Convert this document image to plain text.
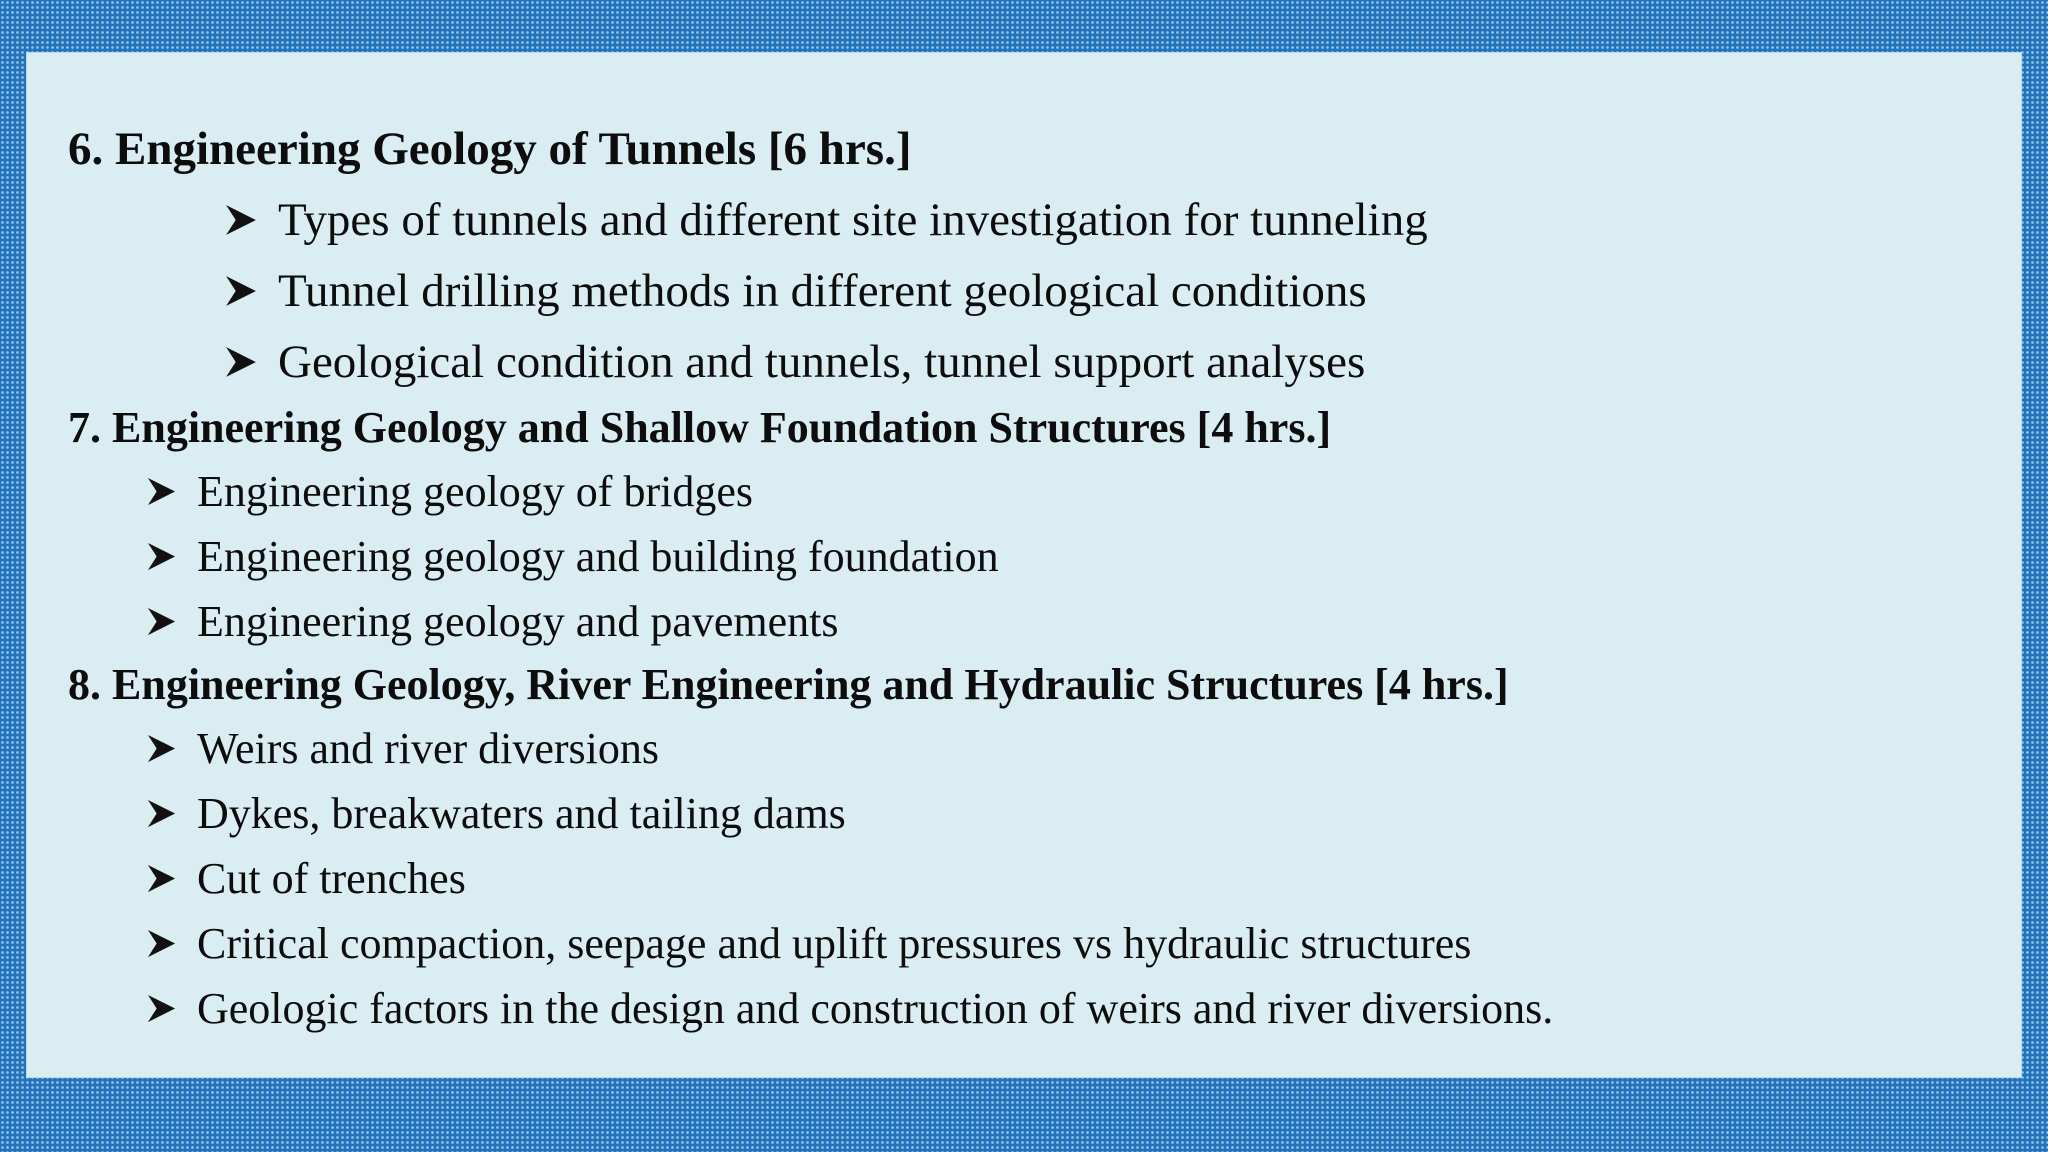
6. Engineering Geology of Tunnels [6 hrs.]
Types of tunnels and different site investigation for tunneling
Tunnel drilling methods in different geological conditions
Geological condition and tunnels, tunnel support analyses
7. Engineering Geology and Shallow Foundation Structures [4 hrs.]
Engineering geology of bridges
Engineering geology and building foundation
Engineering geology and pavements
8. Engineering Geology, River Engineering and Hydraulic Structures [4 hrs.]
Weirs and river diversions
Dykes, breakwaters and tailing dams
Cut of trenches
Critical compaction, seepage and uplift pressures vs hydraulic structures
Geologic factors in the design and construction of weirs and river diversions.
